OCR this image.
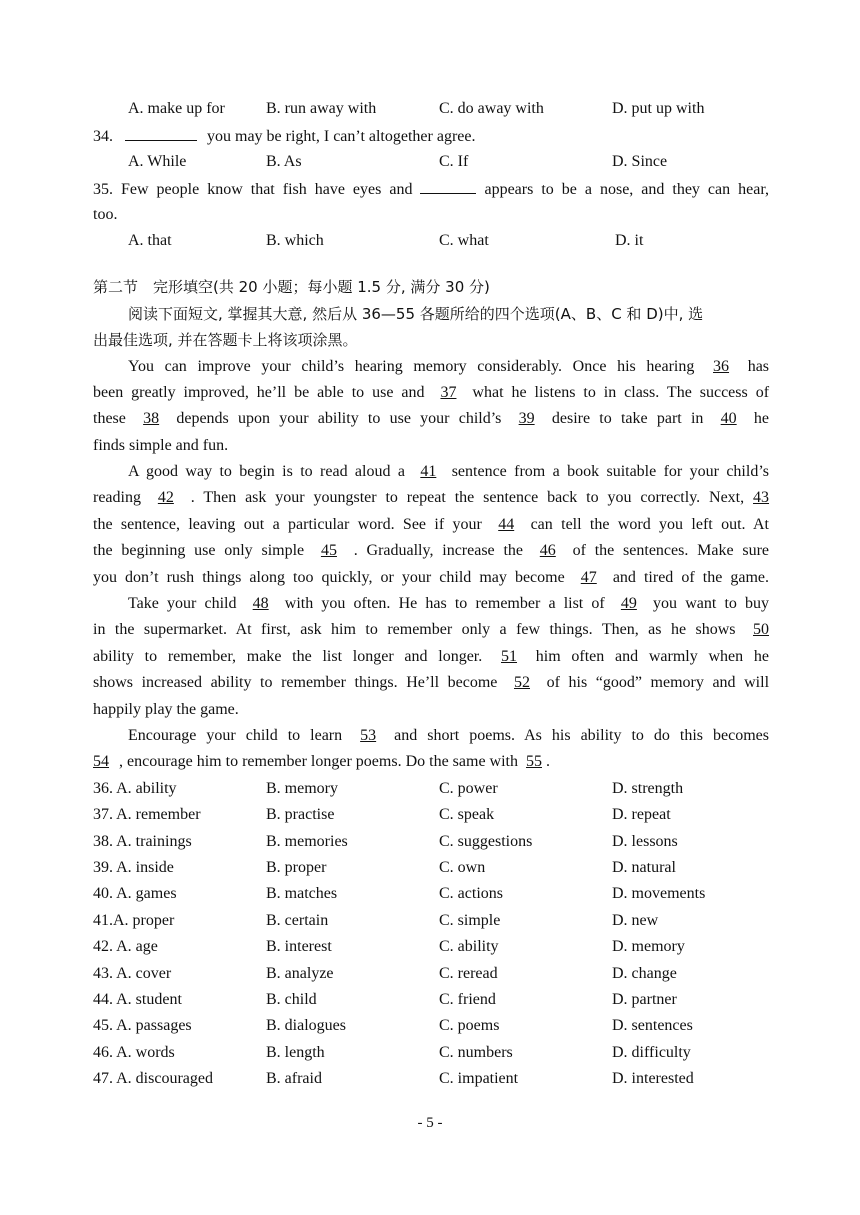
A. make up for	B. run away with	C. do away with	D. put up with
34.	you may be right, I can’t altogether agree.
A. While	B. As	C. If	D. Since
35. Few people know that fish have eyes and	appears to be a nose, and they can hear,
too.
A. that	B. which	C. what	D. it
第二节　完形填空(共 20 小题；每小题 1.5 分, 满分 30 分)
阅读下面短文, 掌握其大意, 然后从 36—55 各题所给的四个选项(A、B、C 和 D)中, 选
出最佳选项, 并在答题卡上将该项涂黑。
You can improve your child’s hearing memory considerably. Once his hearing 36 has
been greatly improved, he’ll be able to use and 37 what he listens to in class. The success of
these 38 depends upon your ability to use your child’s 39 desire to take part in 40 he
finds simple and fun.
A good way to begin is to read aloud a 41 sentence from a book suitable for your child’s
reading 42 . Then ask your youngster to repeat the sentence back to you correctly. Next, 43
the sentence, leaving out a particular word. See if your 44 can tell the word you left out. At
the beginning use only simple 45 . Gradually, increase the 46 of the sentences. Make sure
you don’t rush things along too quickly, or your child may become 47 and tired of the game.
Take your child 48 with you often. He has to remember a list of 49 you want to buy
in the supermarket. At first, ask him to remember only a few things. Then, as he shows 50
ability to remember, make the list longer and longer. 51 him often and warmly when he
shows increased ability to remember things. He’ll become 52 of his “good” memory and will
happily play the game.
Encourage your child to learn 53 and short poems. As his ability to do this becomes
54 , encourage him to remember longer poems. Do the same with 55 .
36. A. ability	B. memory	C. power	D. strength
37. A. remember	B. practise	C. speak	D. repeat
38. A. trainings	B. memories	C. suggestions	D. lessons
39. A. inside	B. proper	C. own	D. natural
40. A. games	B. matches	C. actions	D. movements
41.A. proper	B. certain	C. simple	D. new
42. A. age	B. interest	C. ability	D. memory
43. A. cover	B. analyze	C. reread	D. change
44. A. student	B. child	C. friend	D. partner
45. A. passages	B. dialogues	C. poems	D. sentences
46. A. words	B. length	C. numbers	D. difficulty
47. A. discouraged	B. afraid	C. impatient	D. interested
- 5 -
